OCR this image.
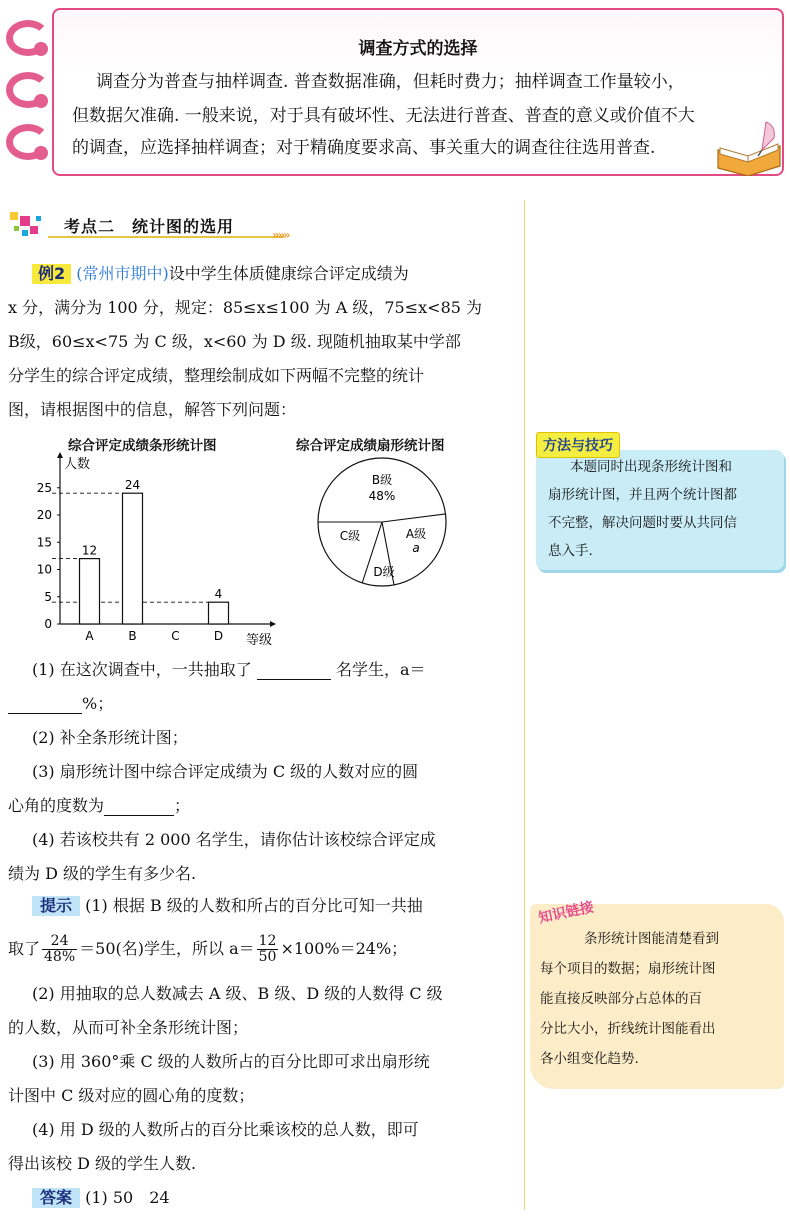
调查方式的选择
调查分为普查与抽样调查. 普查数据准确，但耗时费力；抽样调查工作量较小，
但数据欠准确. 一般来说，对于具有破坏性、无法进行普查、普查的意义或价值不大
的调查，应选择抽样调查；对于精确度要求高、事关重大的调查往往选用普查.
考点二　统计图的选用	»»»
例2 (常州市期中)设中学生体质健康综合评定成绩为
x 分，满分为 100 分，规定：85≤x≤100 为 A 级，75≤x<85 为
B级，60≤x<75 为 C 级，x<60 为 D 级. 现随机抽取某中学部
分学生的综合评定成绩，整理绘制成如下两幅不完整的统计
图，请根据图中的信息，解答下列问题：
综合评定成绩条形统计图	综合评定成绩扇形统计图
人数
等级
0
5
10
15
20
25
A
12
B
24
C	D
4
B级
48%
A级
a
D级
C级
(1) 在这次调查中，一共抽取了	名学生，a＝
%；
(2) 补全条形统计图；
(3) 扇形统计图中综合评定成绩为 C 级的人数对应的圆
心角的度数为	；
(4) 若该校共有 2 000 名学生，请你估计该校综合评定成
绩为 D 级的学生有多少名.
提示 (1) 根据 B 级的人数和所占的百分比可知一共抽
取了 $\frac{24}{48\%} =50$(名)学生，所以 $a= \frac{12}{50} \times 100\%=24\%$；
(2) 用抽取的总人数减去 A 级、B 级、D 级的人数得 C 级
的人数，从而可补全条形统计图；
(3) 用 360°乘 C 级的人数所占的百分比即可求出扇形统
计图中 C 级对应的圆心角的度数；
(4) 用 D 级的人数所占的百分比乘该校的总人数，即可
得出该校 D 级的学生人数.
答案 (1) 50　24
方法与技巧
本题同时出现条形统计图和
扇形统计图，并且两个统计图都
不完整，解决问题时要从共同信
息入手.
知识链接
条形统计图能清楚看到
每个项目的数据；扇形统计图
能直接反映部分占总体的百
分比大小，折线统计图能看出
各小组变化趋势.
